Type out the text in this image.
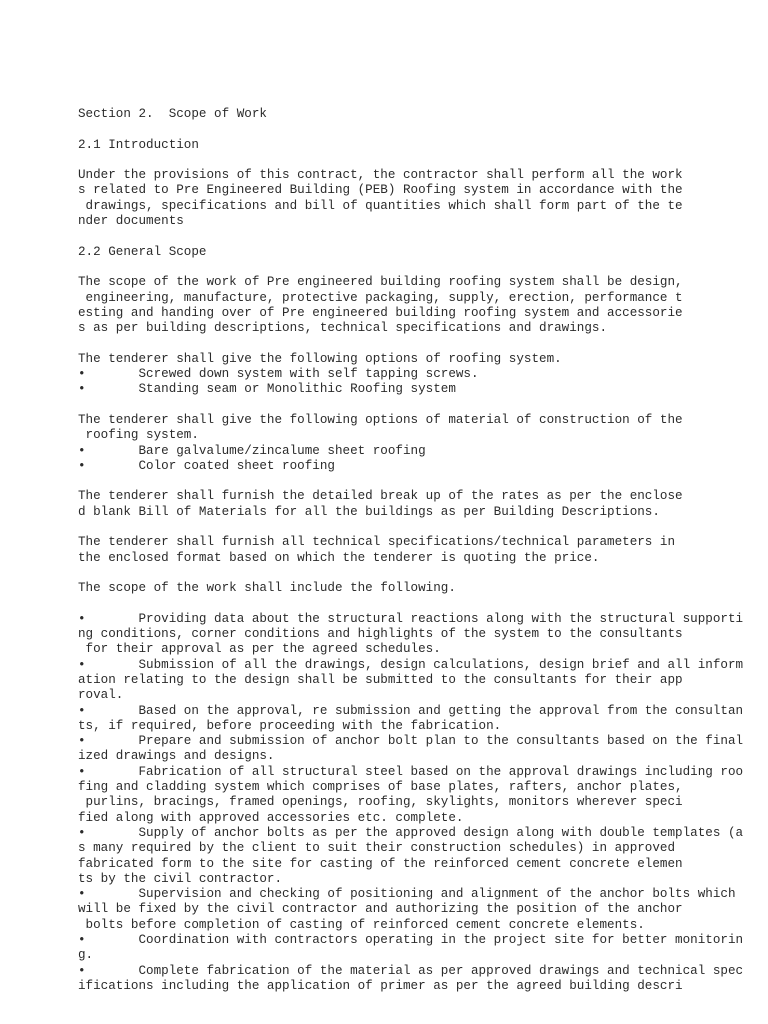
Section 2.  Scope of Work
2.1 Introduction
Under the provisions of this contract, the contractor shall perform all the work
s related to Pre Engineered Building (PEB) Roofing system in accordance with the
drawings, specifications and bill of quantities which shall form part of the te
nder documents
2.2 General Scope
The scope of the work of Pre engineered building roofing system shall be design,
engineering, manufacture, protective packaging, supply, erection, performance t
esting and handing over of Pre engineered building roofing system and accessorie
s as per building descriptions, technical specifications and drawings.
The tenderer shall give the following options of roofing system.
•       Screwed down system with self tapping screws.
•       Standing seam or Monolithic Roofing system
The tenderer shall give the following options of material of construction of the
roofing system.
•       Bare galvalume/zincalume sheet roofing
•       Color coated sheet roofing
The tenderer shall furnish the detailed break up of the rates as per the enclose
d blank Bill of Materials for all the buildings as per Building Descriptions.
The tenderer shall furnish all technical specifications/technical parameters in
the enclosed format based on which the tenderer is quoting the price.
The scope of the work shall include the following.
•       Providing data about the structural reactions along with the structural supporti
ng conditions, corner conditions and highlights of the system to the consultants
for their approval as per the agreed schedules.
•       Submission of all the drawings, design calculations, design brief and all inform
ation relating to the design shall be submitted to the consultants for their app
roval.
•       Based on the approval, re submission and getting the approval from the consultan
ts, if required, before proceeding with the fabrication.
•       Prepare and submission of anchor bolt plan to the consultants based on the final
ized drawings and designs.
•       Fabrication of all structural steel based on the approval drawings including roo
fing and cladding system which comprises of base plates, rafters, anchor plates,
purlins, bracings, framed openings, roofing, skylights, monitors wherever speci
fied along with approved accessories etc. complete.
•       Supply of anchor bolts as per the approved design along with double templates (a
s many required by the client to suit their construction schedules) in approved
fabricated form to the site for casting of the reinforced cement concrete elemen
ts by the civil contractor.
•       Supervision and checking of positioning and alignment of the anchor bolts which
will be fixed by the civil contractor and authorizing the position of the anchor
bolts before completion of casting of reinforced cement concrete elements.
•       Coordination with contractors operating in the project site for better monitorin
g.
•       Complete fabrication of the material as per approved drawings and technical spec
ifications including the application of primer as per the agreed building descri
